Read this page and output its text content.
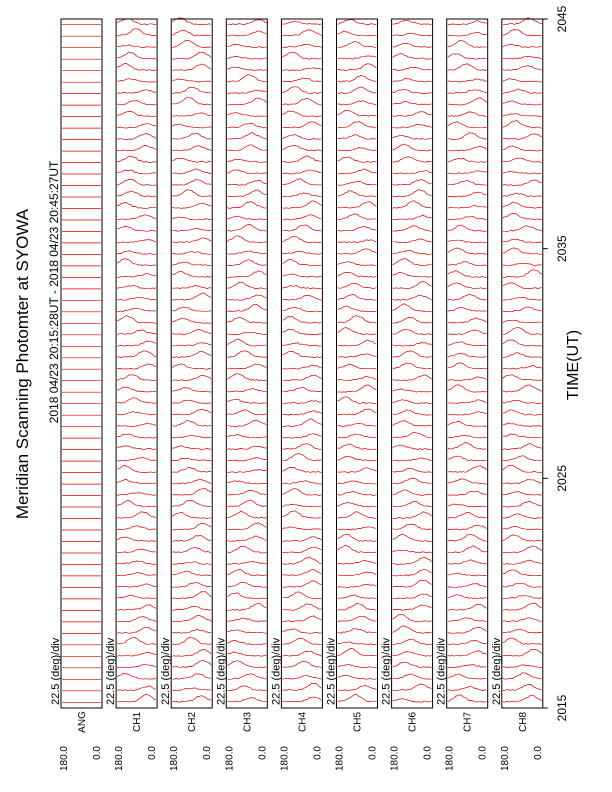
Meridian Scanning Photomter at SYOWA 2018 04/23 20:15:28UT - 2018 04/23 20:45:27UT	TIME(UT)
22.5 (deg)/div
180.0 0.0
ANG
22.5 (deg)/div
180.0 0.0
CH1
22.5 (deg)/div
180.0 0.0
CH2
22.5 (deg)/div
180.0 0.0
CH3
22.5 (deg)/div
180.0 0.0
CH4
22.5 (deg)/div
180.0 0.0
CH5
22.5 (deg)/div
180.0 0.0
CH6
22.5 (deg)/div
180.0 0.0
CH7
22.5 (deg)/div
180.0 0.0
CH8
2015
2025
2035
2045
